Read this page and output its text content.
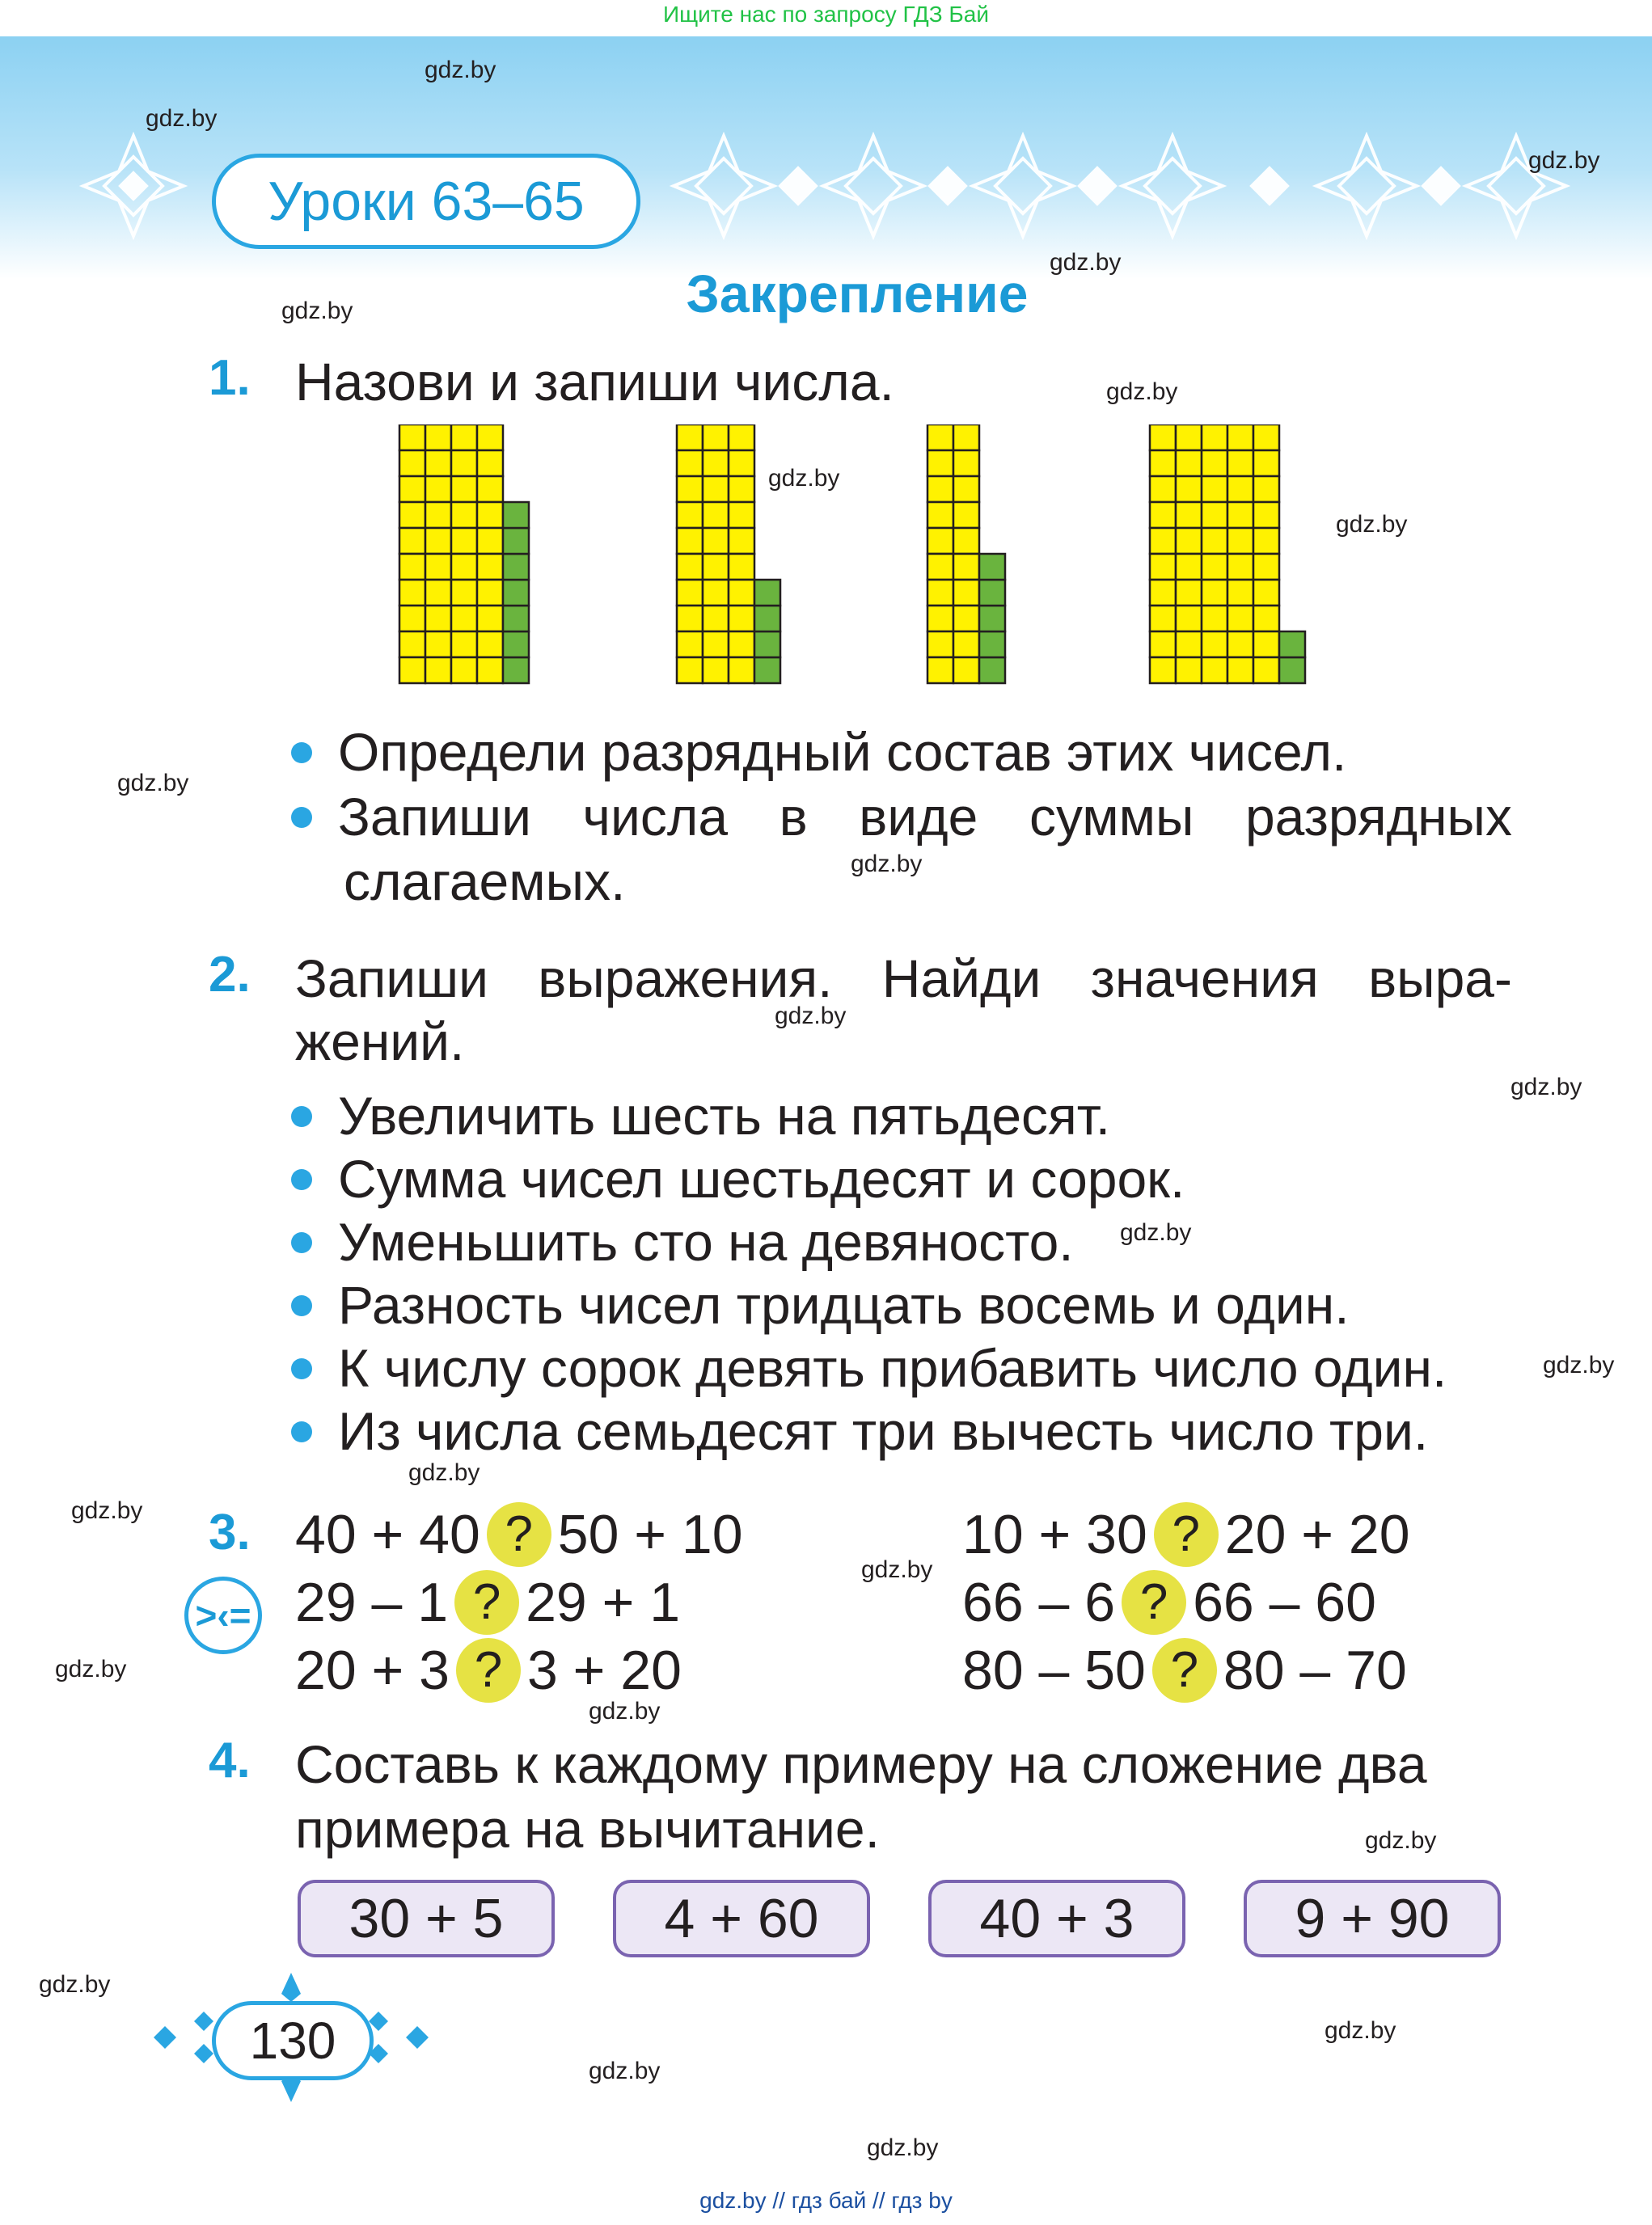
Ищите нас по запросу ГДЗ Бай
Уроки 63–65
Закрепление
gdz.by
gdz.by
gdz.by
gdz.by
gdz.by
gdz.by
gdz.by
gdz.by
gdz.by
gdz.by
gdz.by
gdz.by
gdz.by
gdz.by
gdz.by
gdz.by
gdz.by
gdz.by
gdz.by
gdz.by
gdz.by
gdz.by
gdz.by
gdz.by
1. Назови и запиши числа.
Определи разрядный состав этих чисел.
Запиши числа в виде суммы разрядных
слагаемых.
2. Запиши выражения. Найди значения выра-
жений.
Увеличить шесть на пятьдесят.
Сумма чисел шестьдесят и сорок.
Уменьшить сто на девяносто.
Разность чисел тридцать восемь и один.
К числу сорок девять прибавить число один.
Из числа семьдесят три вычесть число три.
3.
>‹=
40 + 40 ? 50 + 10
29 – 1 ? 29 + 1
20 + 3 ? 3 + 20
10 + 30 ? 20 + 20
66 – 6 ? 66 – 60
80 – 50 ? 80 – 70
4. Составь к каждому примеру на сложение два
примера на вычитание.
30 + 5	4 + 60	40 + 3	9 + 90
130
gdz.by // гдз бай // гдз by
